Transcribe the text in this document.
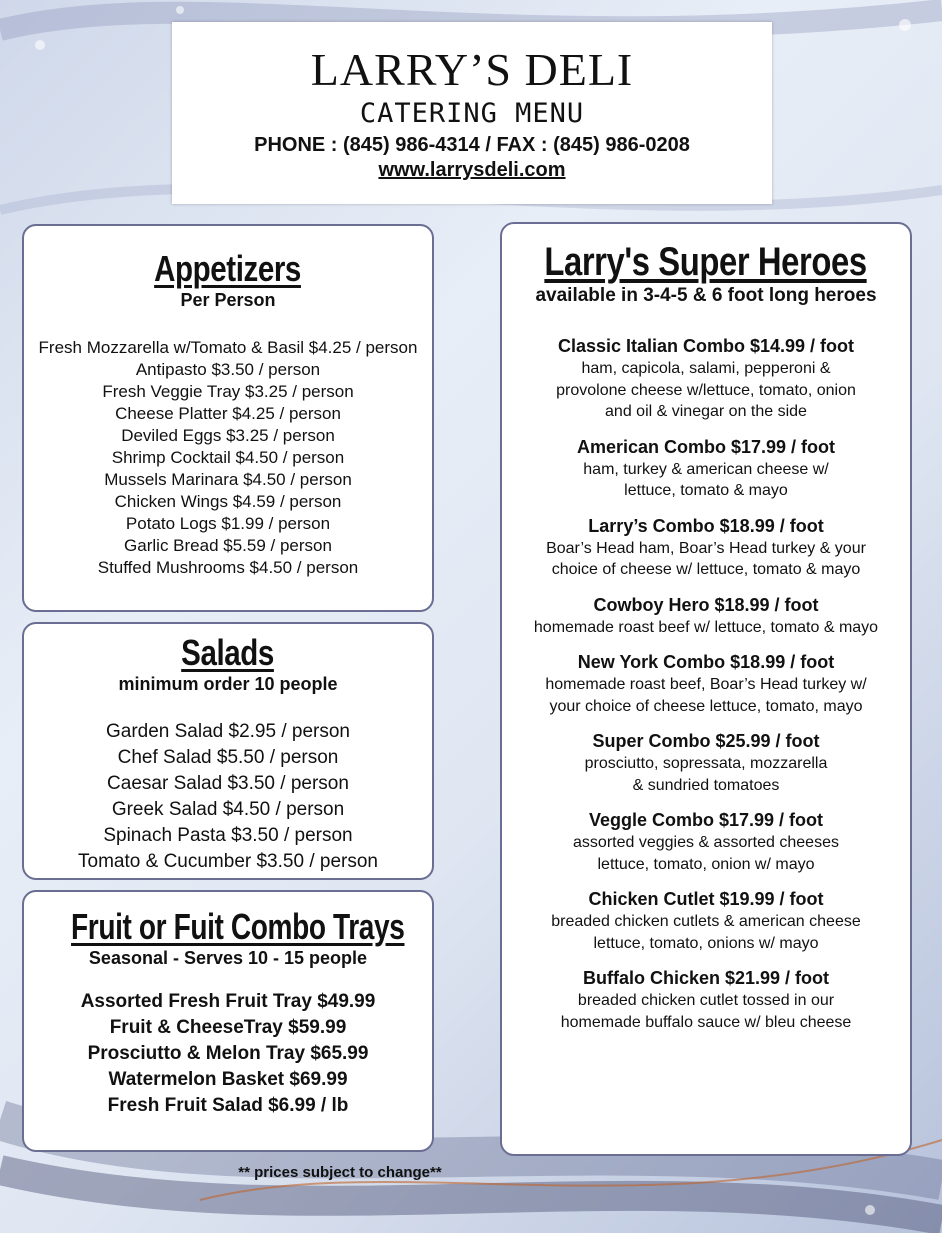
LARRY’S DELI
CATERING MENU
PHONE : (845) 986-4314 / FAX : (845) 986-0208
www.larrysdeli.com
Appetizers
Per Person
Fresh Mozzarella w/Tomato & Basil $4.25 / person
Antipasto $3.50 / person
Fresh Veggie Tray $3.25 / person
Cheese Platter $4.25 / person
Deviled Eggs $3.25 / person
Shrimp Cocktail $4.50 / person
Mussels Marinara $4.50 / person
Chicken Wings $4.59 / person
Potato Logs $1.99 / person
Garlic Bread $5.59 / person
Stuffed Mushrooms $4.50 / person
Salads
minimum order 10 people
Garden Salad $2.95 / person
Chef Salad $5.50 / person
Caesar Salad $3.50 / person
Greek Salad $4.50 / person
Spinach Pasta $3.50 / person
Tomato & Cucumber $3.50 / person
Fruit or Fuit Combo Trays
Seasonal - Serves 10 - 15 people
Assorted Fresh Fruit Tray $49.99
Fruit & CheeseTray $59.99
Prosciutto & Melon Tray $65.99
Watermelon Basket $69.99
Fresh Fruit Salad $6.99 / lb
Larry's Super Heroes
available in 3-4-5 & 6 foot long heroes
Classic Italian Combo $14.99 / foot
ham, capicola, salami, pepperoni &
provolone cheese w/lettuce, tomato, onion
and oil & vinegar on the side
American Combo $17.99 / foot
ham, turkey & american cheese w/
lettuce, tomato & mayo
Larry’s Combo $18.99 / foot
Boar’s Head ham, Boar’s Head turkey & your
choice of cheese w/ lettuce, tomato & mayo
Cowboy Hero $18.99 / foot
homemade roast beef w/ lettuce, tomato & mayo
New York Combo $18.99 / foot
homemade roast beef, Boar’s Head turkey w/
your choice of cheese lettuce, tomato, mayo
Super Combo $25.99 / foot
prosciutto, sopressata, mozzarella
& sundried tomatoes
Veggle Combo $17.99 / foot
assorted veggies & assorted cheeses
lettuce, tomato, onion w/ mayo
Chicken Cutlet $19.99 / foot
breaded chicken cutlets & american cheese
lettuce, tomato, onions w/ mayo
Buffalo Chicken $21.99 / foot
breaded chicken cutlet tossed in our
homemade buffalo sauce w/ bleu cheese
** prices subject to change**
